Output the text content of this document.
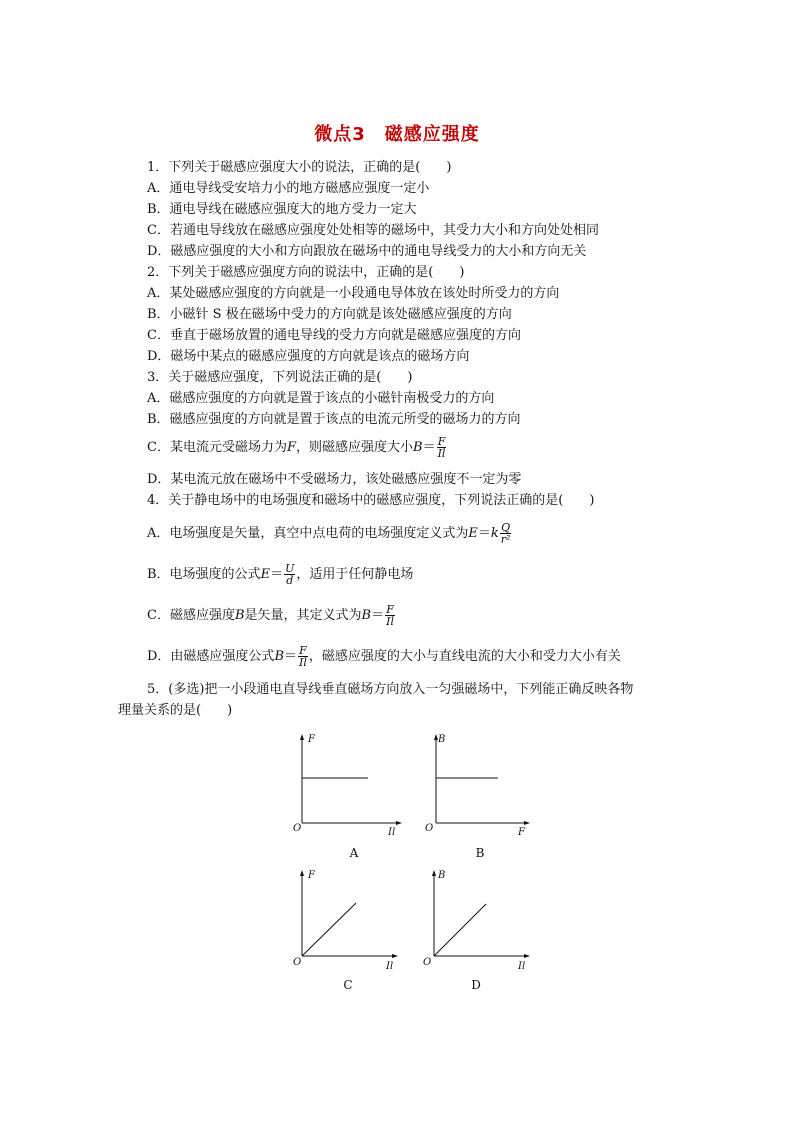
微点3　磁感应强度
1．下列关于磁感应强度大小的说法，正确的是(　　)
A．通电导线受安培力小的地方磁感应强度一定小
B．通电导线在磁感应强度大的地方受力一定大
C．若通电导线放在磁感应强度处处相等的磁场中，其受力大小和方向处处相同
D．磁感应强度的大小和方向跟放在磁场中的通电导线受力的大小和方向无关
2．下列关于磁感应强度方向的说法中，正确的是(　　)
A．某处磁感应强度的方向就是一小段通电导体放在该处时所受力的方向
B．小磁针 S 极在磁场中受力的方向就是该处磁感应强度的方向
C．垂直于磁场放置的通电导线的受力方向就是磁感应强度的方向
D．磁场中某点的磁感应强度的方向就是该点的磁场方向
3．关于磁感应强度，下列说法正确的是(　　)
A．磁感应强度的方向就是置于该点的小磁针南极受力的方向
B．磁感应强度的方向就是置于该点的电流元所受的磁场力的方向
C．某电流元受磁场力为F，则磁感应强度大小$B= \frac{F}{Il}$
D．某电流元放在磁场中不受磁场力，该处磁感应强度不一定为零
4．关于静电场中的电场强度和磁场中的磁感应强度，下列说法正确的是(　　)
A．电场强度是矢量，真空中点电荷的电场强度定义式为$E=k \frac{Q}{\text{r²}}$
B．电场强度的公式$E= \frac{U}{d}$ ，适用于任何静电场
C．磁感应强度B是矢量，其定义式为$B= \frac{F}{Il}$
D．由磁感应强度公式$B= \frac{F}{Il}$ ，磁感应强度的大小与直线电流的大小和受力大小有关
5．(多选)把一小段通电直导线垂直磁场方向放入一匀强磁场中，下列能正确反映各物
理量关系的是(　　)
F
Il
O
A
B
F
O
B
F
Il
O
C
B
Il
O
D
